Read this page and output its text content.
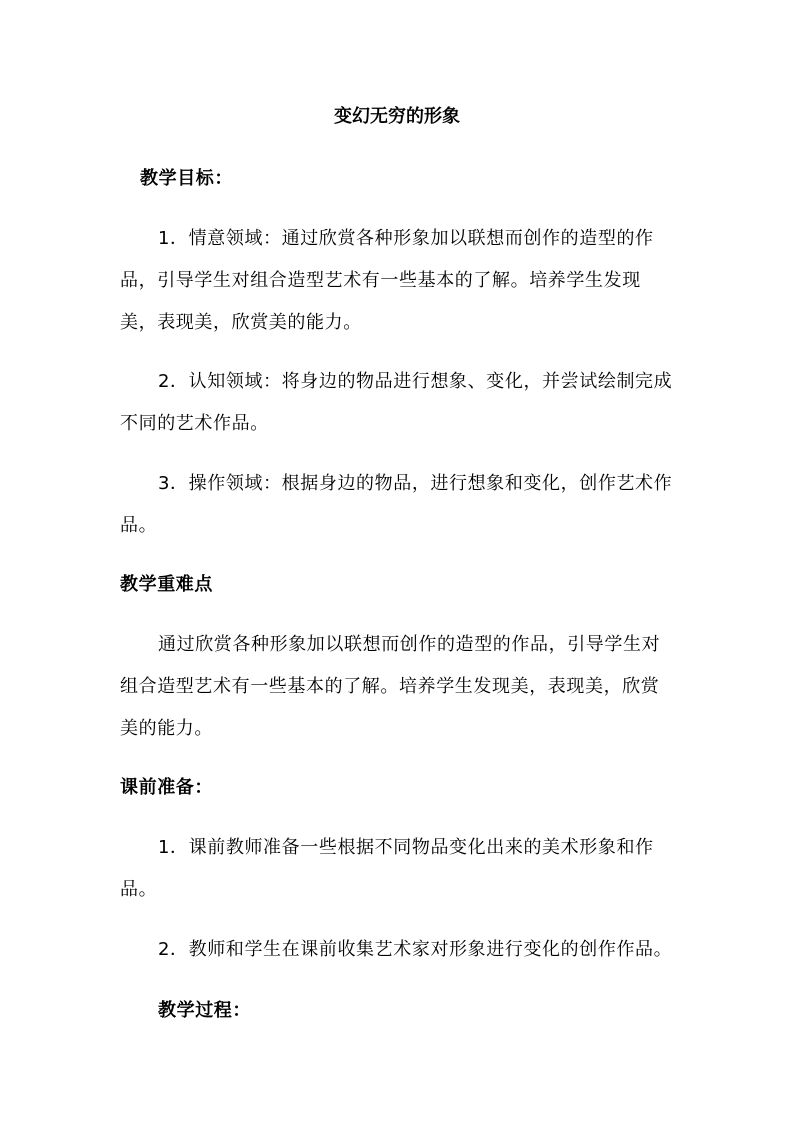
变幻无穷的形象
教学目标：
1．情意领域：通过欣赏各种形象加以联想而创作的造型的作
品，引导学生对组合造型艺术有一些基本的了解。培养学生发现
美，表现美，欣赏美的能力。
2．认知领域：将身边的物品进行想象、变化，并尝试绘制完成
不同的艺术作品。
3．操作领域：根据身边的物品，进行想象和变化，创作艺术作
品。
教学重难点
通过欣赏各种形象加以联想而创作的造型的作品，引导学生对
组合造型艺术有一些基本的了解。培养学生发现美，表现美，欣赏
美的能力。
课前准备：
1．课前教师准备一些根据不同物品变化出来的美术形象和作
品。
2．教师和学生在课前收集艺术家对形象进行变化的创作作品。
教学过程：
